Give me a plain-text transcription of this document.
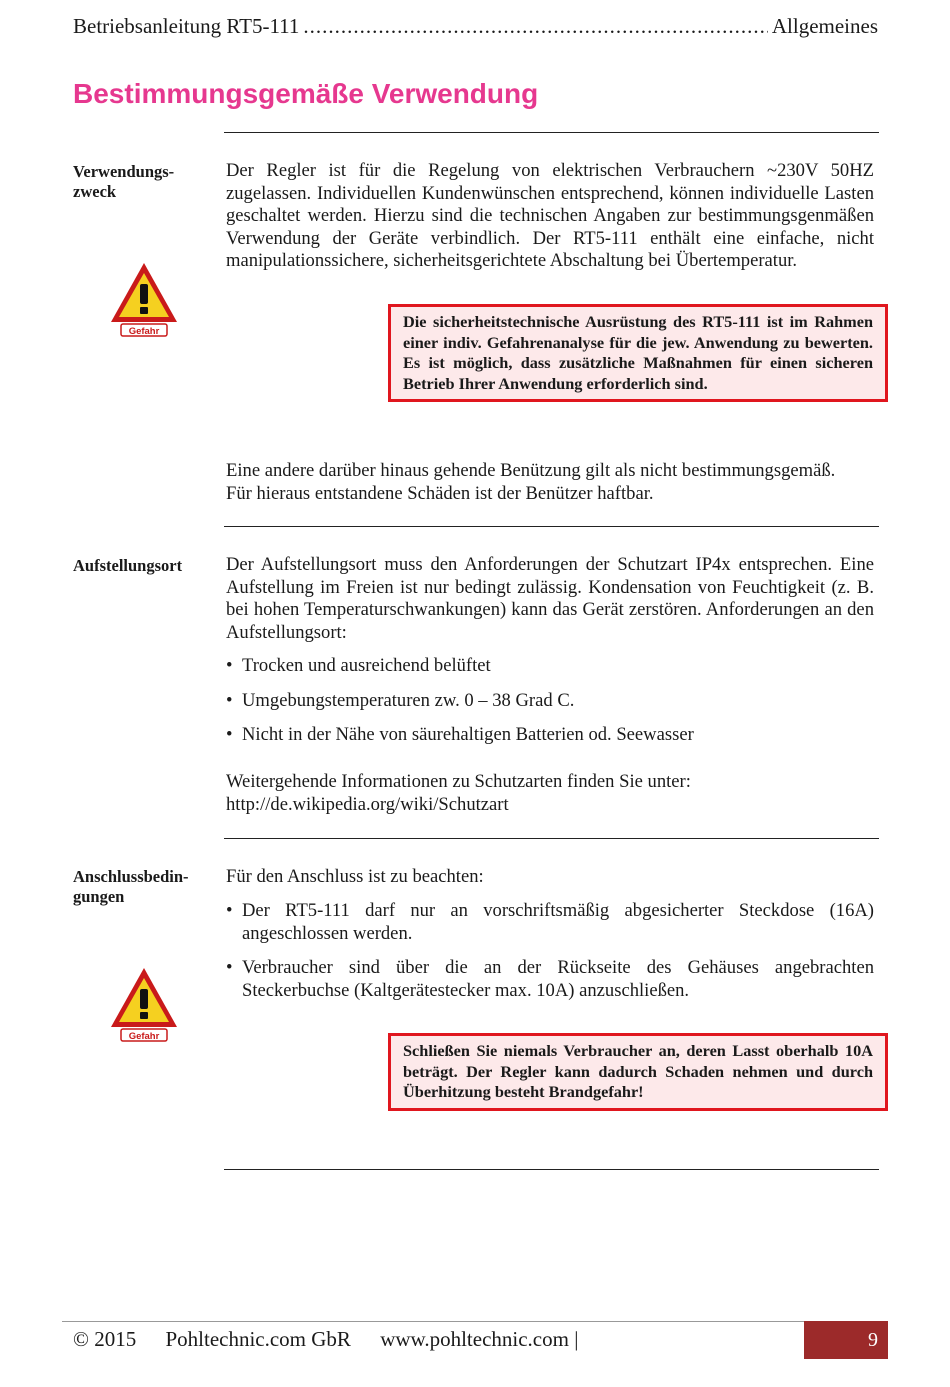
Betriebsanleitung RT5-111
.....	Allgemeines
Bestimmungsgemäße Verwendung
Verwendungs-
zweck
Gefahr
Der Regler ist für die Regelung von elektrischen Verbrauchern ~230V 50HZ zugelassen. Individuellen Kundenwünschen entsprechend, können individuelle Lasten geschaltet werden. Hierzu sind die technischen Angaben zur bestimmungsgenmäßen Verwendung der Geräte verbindlich. Der RT5-111 enthält eine einfache, nicht manipulationssichere, sicherheitsgerichtete Abschaltung bei Übertemperatur.
Die sicherheitstechnische Ausrüstung des RT5-111 ist im Rahmen einer indiv. Gefahrenanalyse für die jew. Anwendung zu bewerten. Es ist möglich, dass zusätzliche Maßnahmen für einen sicheren Betrieb Ihrer Anwendung erforderlich sind.
Eine andere darüber hinaus gehende Benützung gilt als nicht bestimmungsgemäß.
Für hieraus entstandene Schäden ist der Benützer haftbar.
Aufstellungsort	Der Aufstellungsort muss den Anforderungen der Schutzart IP4x entsprechen. Eine Aufstellung im Freien ist nur bedingt zulässig. Kondensation von Feuchtigkeit (z. B. bei hohen Temperaturschwankungen) kann das Gerät zerstören. Anforderungen an den Aufstellungsort:
• Trocken und ausreichend belüftet
• Umgebungstemperaturen zw. 0 – 38 Grad C.
• Nicht in der Nähe von säurehaltigen Batterien od. Seewasser
Weitergehende Informationen zu Schutzarten finden Sie unter:
http://de.wikipedia.org/wiki/Schutzart
Anschlussbedin-
gungen
Gefahr
Für den Anschluss ist zu beachten:
• Der RT5-111 darf nur an vorschriftsmäßig abgesicherter Steckdose (16A) angeschlossen werden.
• Verbraucher sind über die an der Rückseite des Gehäuses angebrachten Steckerbuchse (Kaltgerätestecker max. 10A) anzuschließen.
Schließen Sie niemals Verbraucher an, deren Lasst oberhalb 10A beträgt. Der Regler kann dadurch Schaden nehmen und durch Überhitzung besteht Brandgefahr!
© 2015 Pohltechnic.com GbR www.pohltechnic.com |	9
